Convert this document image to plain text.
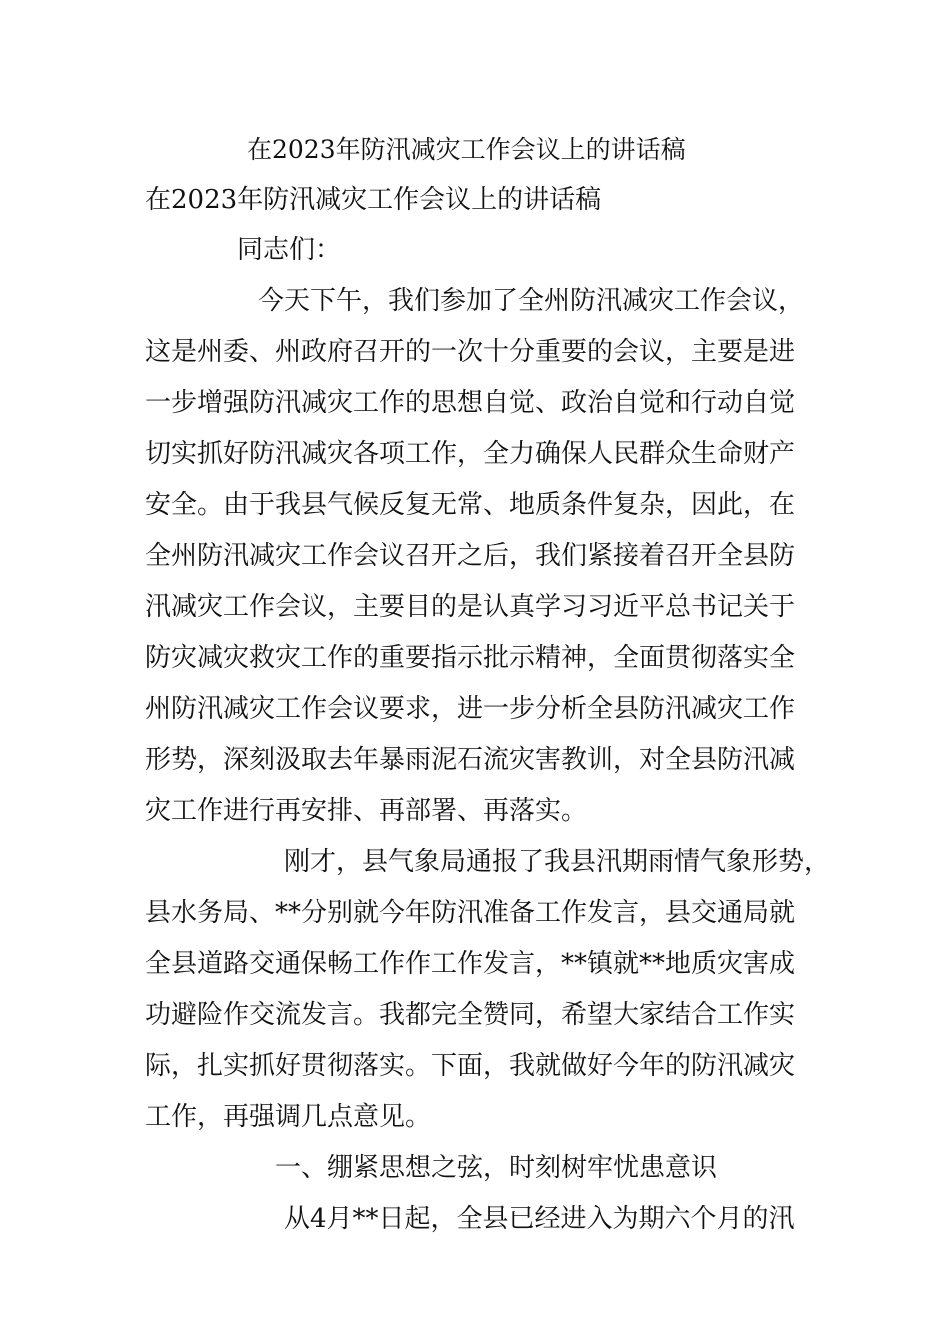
在2023年防汛减灾工作会议上的讲话稿

在2023年防汛减灾工作会议上的讲话稿

同志们：

今天下午，我们参加了全州防汛减灾工作会议，

这是州委、州政府召开的一次十分重要的会议，主要是进

一步增强防汛减灾工作的思想自觉、政治自觉和行动自觉

切实抓好防汛减灾各项工作，全力确保人民群众生命财产

安全。由于我县气候反复无常、地质条件复杂，因此，在

全州防汛减灾工作会议召开之后，我们紧接着召开全县防

汛减灾工作会议，主要目的是认真学习习近平总书记关于

防灾减灾救灾工作的重要指示批示精神，全面贯彻落实全

州防汛减灾工作会议要求，进一步分析全县防汛减灾工作

形势，深刻汲取去年暴雨泥石流灾害教训，对全县防汛减

灾工作进行再安排、再部署、再落实。

刚才，县气象局通报了我县汛期雨情气象形势，

县水务局、**分别就今年防汛准备工作发言，县交通局就

全县道路交通保畅工作作工作发言，**镇就**地质灾害成

功避险作交流发言。我都完全赞同，希望大家结合工作实

际，扎实抓好贯彻落实。下面，我就做好今年的防汛减灾

工作，再强调几点意见。

一、绷紧思想之弦，时刻树牢忧患意识

从4月**日起，全县已经进入为期六个月的汛
